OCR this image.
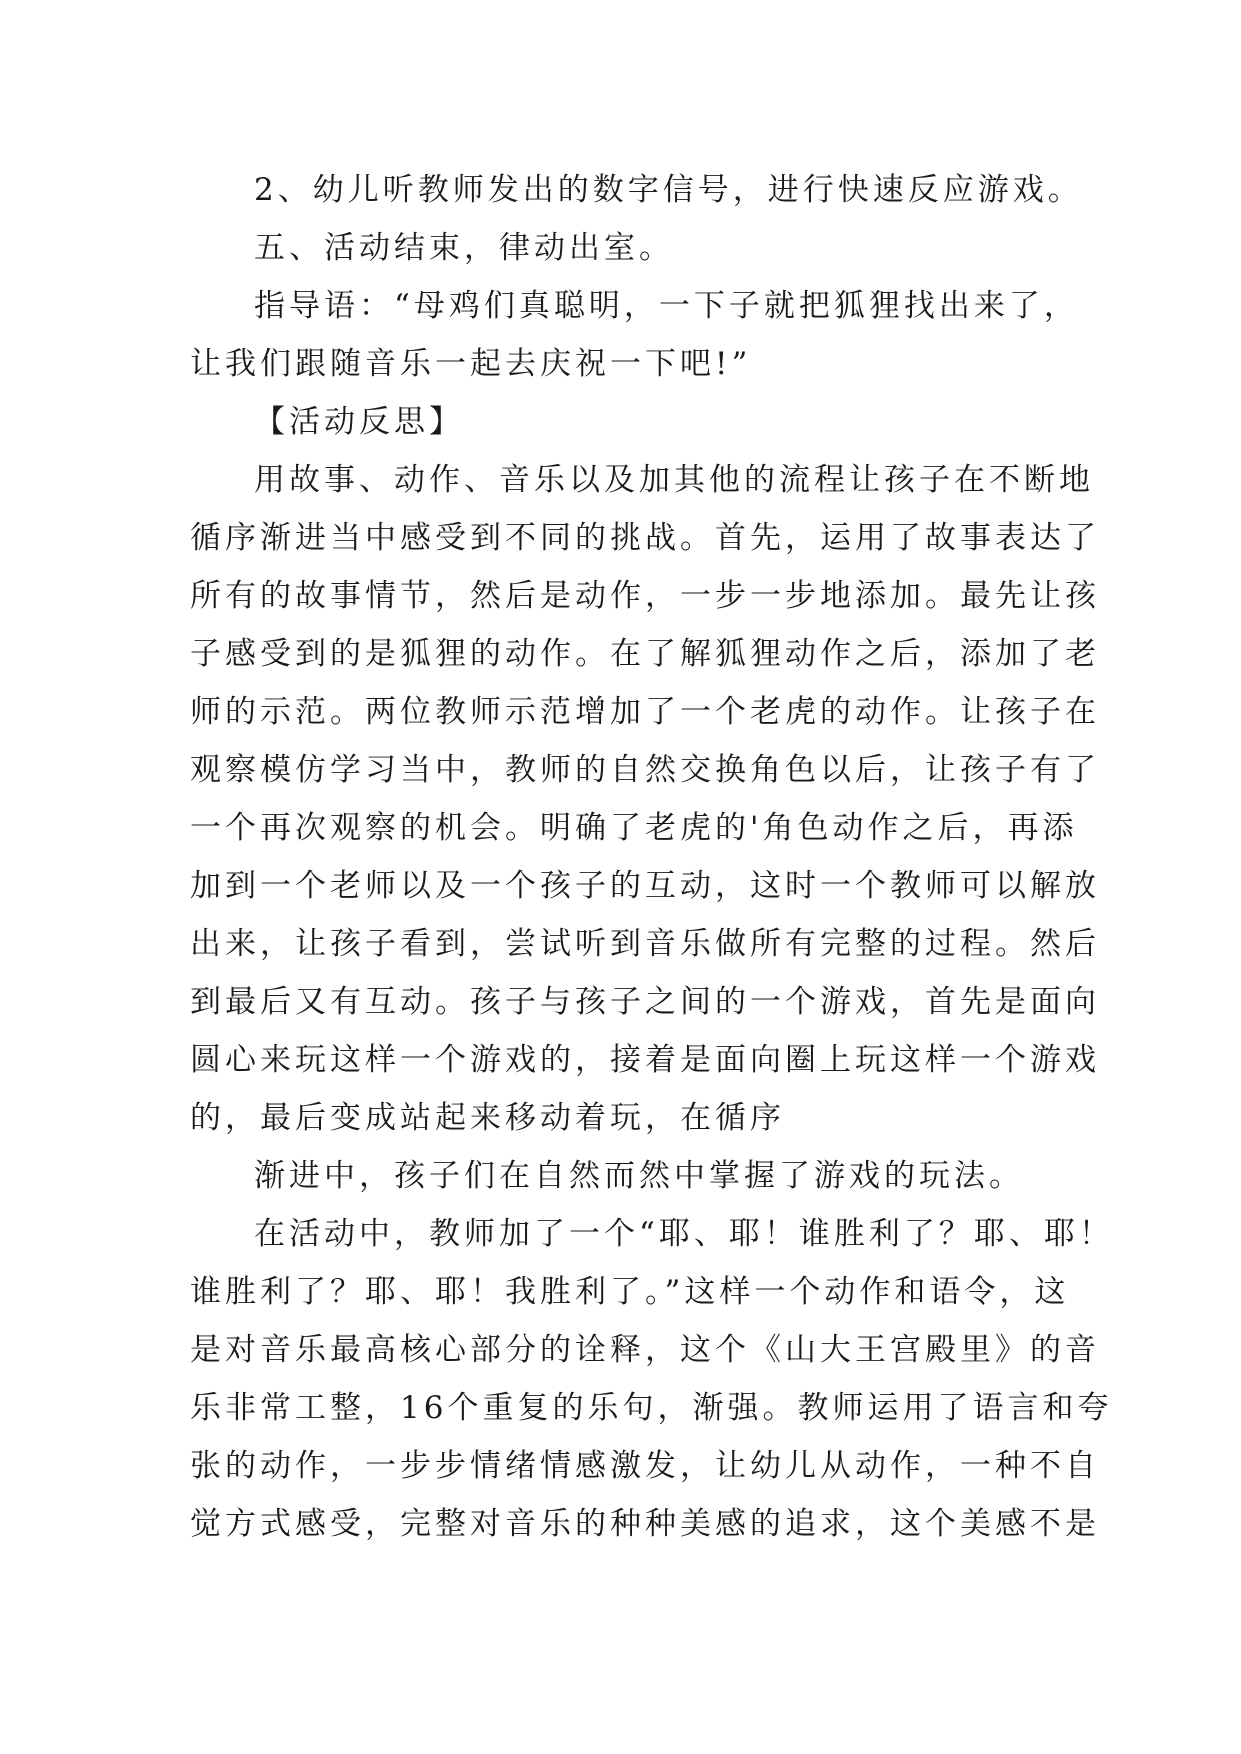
2、幼儿听教师发出的数字信号，进行快速反应游戏。
五、活动结束，律动出室。
指导语：“母鸡们真聪明，一下子就把狐狸找出来了，
让我们跟随音乐一起去庆祝一下吧!”
【活动反思】
用故事、动作、音乐以及加其他的流程让孩子在不断地
循序渐进当中感受到不同的挑战。首先，运用了故事表达了
所有的故事情节，然后是动作，一步一步地添加。最先让孩
子感受到的是狐狸的动作。在了解狐狸动作之后，添加了老
师的示范。两位教师示范增加了一个老虎的动作。让孩子在
观察模仿学习当中，教师的自然交换角色以后，让孩子有了
一个再次观察的机会。明确了老虎的'角色动作之后，再添
加到一个老师以及一个孩子的互动，这时一个教师可以解放
出来，让孩子看到，尝试听到音乐做所有完整的过程。然后
到最后又有互动。孩子与孩子之间的一个游戏，首先是面向
圆心来玩这样一个游戏的，接着是面向圈上玩这样一个游戏
的，最后变成站起来移动着玩，在循序
渐进中，孩子们在自然而然中掌握了游戏的玩法。
在活动中，教师加了一个“耶、耶！谁胜利了？耶、耶！
谁胜利了？耶、耶！我胜利了。”这样一个动作和语令，这
是对音乐最高核心部分的诠释，这个《山大王宫殿里》的音
乐非常工整，16个重复的乐句，渐强。教师运用了语言和夸
张的动作，一步步情绪情感激发，让幼儿从动作，一种不自
觉方式感受，完整对音乐的种种美感的追求，这个美感不是
